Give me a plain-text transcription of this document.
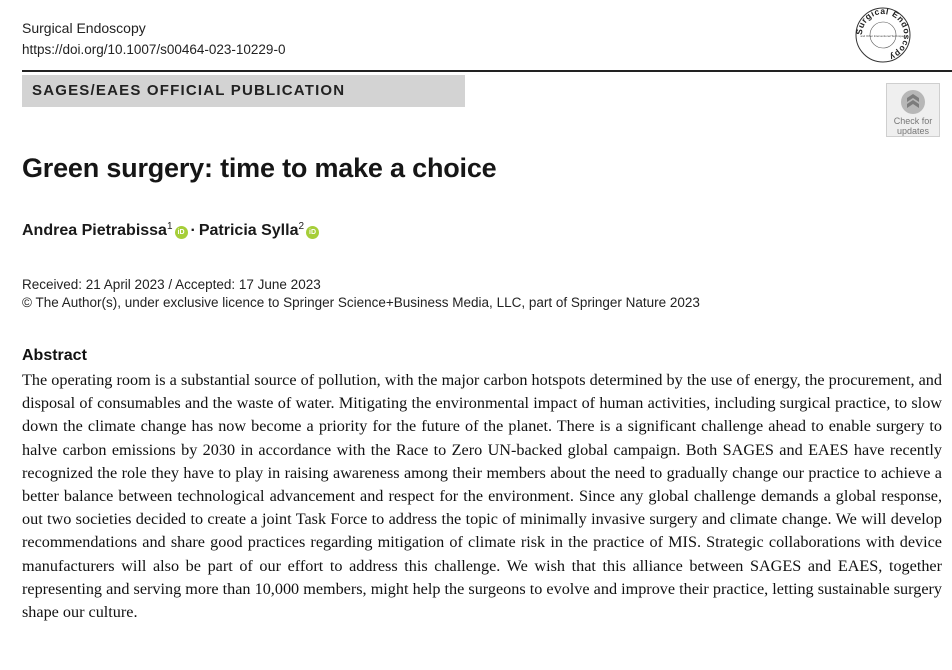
Surgical Endoscopy
https://doi.org/10.1007/s00464-023-10229-0
Surgical Endoscopy
and Other Interventional Techniques
SAGES/EAES OFFICIAL PUBLICATION
Check for
updates
Green surgery: time to make a choice
Andrea Pietrabissa$^1$iD · Patricia Sylla$^2$iD
Received: 21 April 2023 / Accepted: 17 June 2023
© The Author(s), under exclusive licence to Springer Science+Business Media, LLC, part of Springer Nature 2023
Abstract

The operating room is a substantial source of pollution, with the major carbon hotspots determined by the use of energy, the procurement, and disposal of consumables and the waste of water. Mitigating the environmental impact of human activities, including surgical practice, to slow down the climate change has now become a priority for the future of the planet. There is a significant challenge ahead to enable surgery to halve carbon emissions by 2030 in accordance with the Race to Zero UN-backed global campaign. Both SAGES and EAES have recently recognized the role they have to play in raising awareness among their members about the need to gradually change our practice to achieve a better balance between technological advancement and respect for the environment. Since any global challenge demands a global response, out two societies decided to create a joint Task Force to address the topic of minimally invasive surgery and climate change. We will develop recommendations and share good practices regarding mitigation of climate risk in the practice of MIS. Strategic collaborations with device manufacturers will also be part of our effort to address this challenge. We wish that this alliance between SAGES and EAES, together representing and serving more than 10,000 members, might help the surgeons to evolve and improve their practice, letting sustainable surgery shape our culture.
